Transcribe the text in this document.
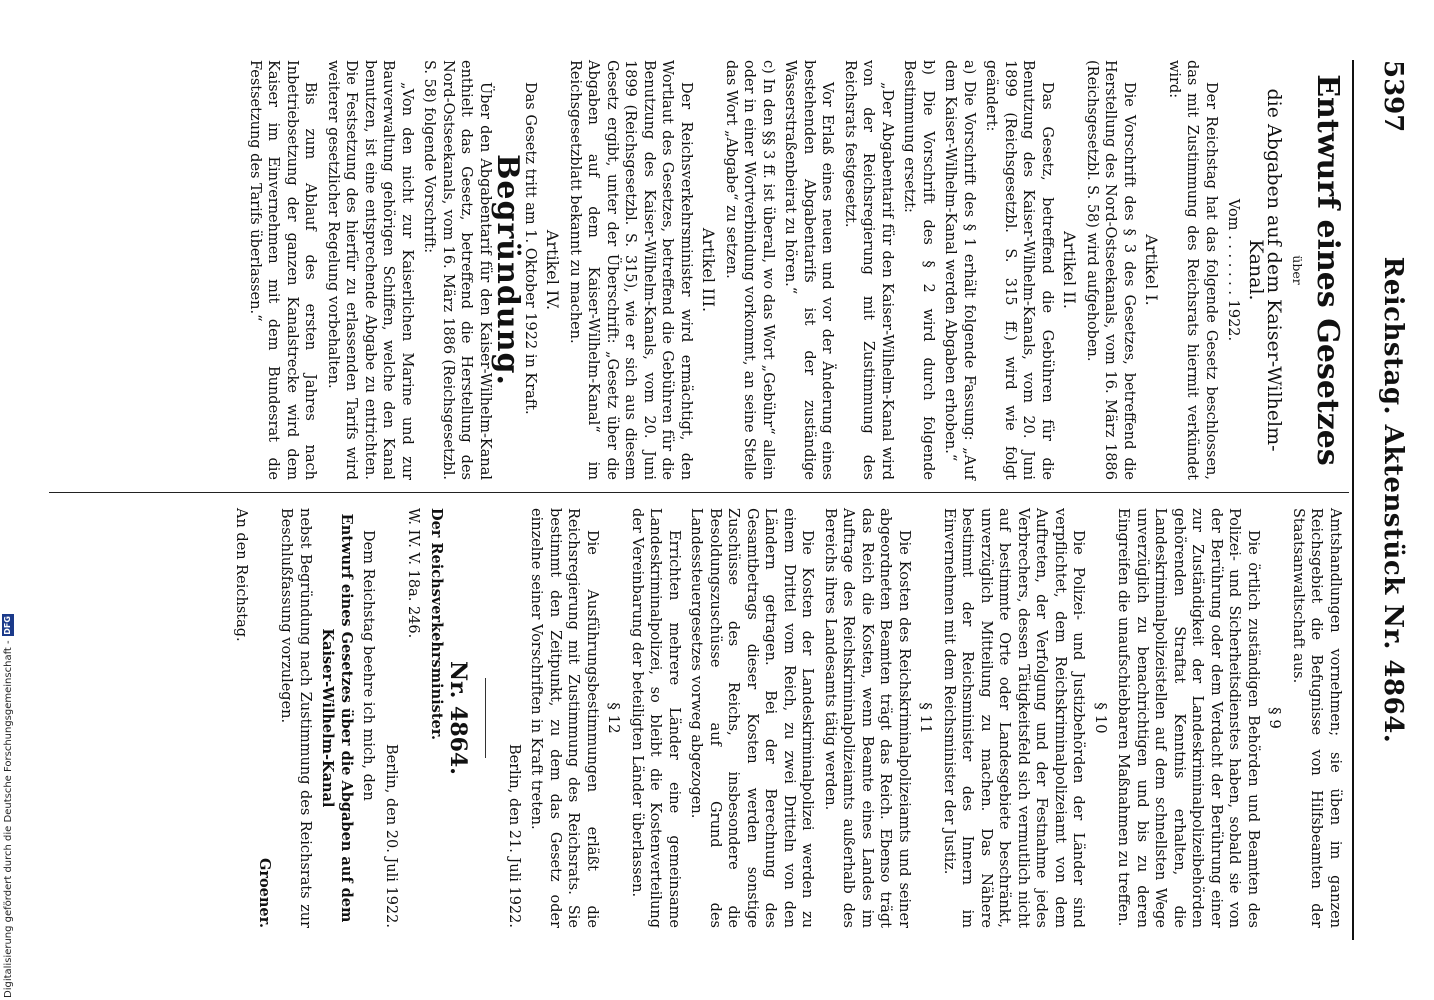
5397
Reichstag. Aktenstück Nr. 4864.

Entwurf eines Gesetzes

über

die Abgaben auf dem Kaiser-Wilhelm-Kanal.

Vom . . . . . . . 1922.

Der Reichstag hat das folgende Gesetz beschlossen, das mit Zustimmung des Reichsrats hiermit verkündet wird:

Artikel I.

Die Vorschrift des § 3 des Gesetzes, betreffend die Herstellung des Nord-Ostseekanals, vom 16. März 1886 (Reichsgesetzbl. S. 58) wird aufgehoben.

Artikel II.

Das Gesetz, betreffend die Gebühren für die Benutzung des Kaiser-Wilhelm-Kanals, vom 20. Juni 1899 (Reichsgesetzbl. S. 315 ff.) wird wie folgt geändert:

a) Die Vorschrift des § 1 erhält folgende Fassung: „Auf dem Kaiser-Wilhelm-Kanal werden Abgaben erhoben.“

b) Die Vorschrift des § 2 wird durch folgende Bestimmung ersetzt:

„Der Abgabentarif für den Kaiser-Wilhelm-Kanal wird von der Reichsregierung mit Zustimmung des Reichsrats festgesetzt.

Vor Erlaß eines neuen und vor der Änderung eines bestehenden Abgabentarifs ist der zuständige Wasserstraßenbeirat zu hören.“

c) In den §§ 3 ff. ist überall, wo das Wort „Gebühr“ allein oder in einer Wortverbindung vorkommt, an seine Stelle das Wort „Abgabe“ zu setzen.

Artikel III.

Der Reichsverkehrsminister wird ermächtigt, den Wortlaut des Gesetzes, betreffend die Gebühren für die Benutzung des Kaiser-Wilhelm-Kanals, vom 20. Juni 1899 (Reichsgesetzbl. S. 315), wie er sich aus diesem Gesetz ergibt, unter der Überschrift: „Gesetz über die Abgaben auf dem Kaiser-Wilhelm-Kanal“ im Reichsgesetzblatt bekannt zu machen.

Artikel IV.

Das Gesetz tritt am 1. Oktober 1922 in Kraft.

Begründung.

Über den Abgabentarif für den Kaiser-Wilhelm-Kanal enthielt das Gesetz, betreffend die Herstellung des Nord-Ostseekanals, vom 16. März 1886 (Reichsgesetzbl. S. 58) folgende Vorschrift:

„Von den nicht zur Kaiserlichen Marine und zur Bauverwaltung gehörigen Schiffen, welche den Kanal benutzen, ist eine entsprechende Abgabe zu entrichten. Die Festsetzung des hierfür zu erlassenden Tarifs wird weiterer gesetzlicher Regelung vorbehalten.

Bis zum Ablauf des ersten Jahres nach Inbetriebsetzung der ganzen Kanalstrecke wird dem Kaiser im Einvernehmen mit dem Bundesrat die Festsetzung des Tarifs überlassen.“

Amtshandlungen vornehmen; sie üben im ganzen Reichsgebiet die Befugnisse von Hilfsbeamten der Staatsanwaltschaft aus.

§ 9

Die örtlich zuständigen Behörden und Beamten des Polizei- und Sicherheitsdienstes haben, sobald sie von der Berührung oder dem Verdacht der Berührung einer zur Zuständigkeit der Landeskriminalpolizeibehörden gehörenden Straftat Kenntnis erhalten, die Landeskriminalpolizeistellen auf dem schnellsten Wege unverzüglich zu benachrichtigen und bis zu deren Eingreifen die unaufschiebbaren Maßnahmen zu treffen.

§ 10

Die Polizei- und Justizbehörden der Länder sind verpflichtet, dem Reichskriminalpolizeiamt von dem Auftreten, der Verfolgung und der Festnahme jedes Verbrechers, dessen Tätigkeitsfeld sich vermutlich nicht auf bestimmte Orte oder Landesgebiete beschränkt, unverzüglich Mitteilung zu machen. Das Nähere bestimmt der Reichsminister des Innern im Einvernehmen mit dem Reichsminister der Justiz.

§ 11

Die Kosten des Reichskriminalpolizeiamts und seiner abgeordneten Beamten trägt das Reich. Ebenso trägt das Reich die Kosten, wenn Beamte eines Landes im Auftrage des Reichskriminalpolizeiamts außerhalb des Bereichs ihres Landesamts tätig werden.

Die Kosten der Landeskriminalpolizei werden zu einem Drittel vom Reich, zu zwei Dritteln von den Ländern getragen. Bei der Berechnung des Gesamtbetrags dieser Kosten werden sonstige Zuschüsse des Reichs, insbesondere die Besoldungszuschüsse auf Grund des Landessteuergesetzes vorweg abgezogen.

Errichten mehrere Länder eine gemeinsame Landeskriminalpolizei, so bleibt die Kostenverteilung der Vereinbarung der beteiligten Länder überlassen.

§ 12

Die Ausführungsbestimmungen erläßt die Reichsregierung mit Zustimmung des Reichsrats. Sie bestimmt den Zeitpunkt, zu dem das Gesetz oder einzelne seiner Vorschriften in Kraft treten.

Berlin, den 21. Juli 1922.

Nr. 4864.

Der Reichsverkehrsminister.

W. IV. V. 18a. 246.

Berlin, den 20. Juli 1922.

Dem Reichstag beehre ich mich, den

Entwurf eines Gesetzes über die Abgaben auf dem Kaiser-Wilhelm-Kanal

nebst Begründung nach Zustimmung des Reichsrats zur Beschlußfassung vorzulegen.

Groener.

An den Reichstag.

Digitalisierung gefördert durch die Deutsche Forschungsgemeinschaft -
DFG
